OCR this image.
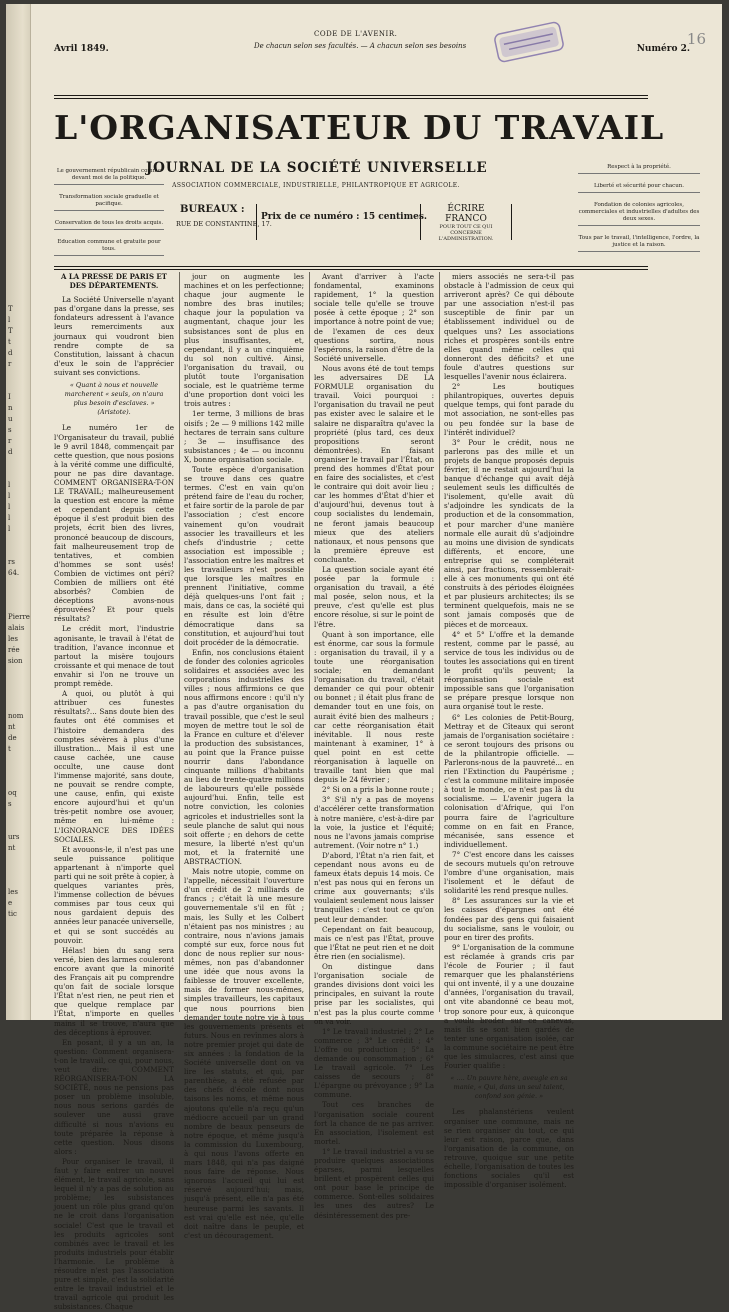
T
l
T
t
d
r

I
n
u
s
r
d

l
l
l
l
l

rs
64.

Pierre
alais
les
rée
sion

nom
nt
de
t

oq
s

urs
nt

les
e
tic
CODE DE L'AVENIR.
De chacun selon ses facultés. — A chacun selon ses besoins
Avril 1849.	Numéro 2.
16
L'ORGANISATEUR DU TRAVAIL
JOURNAL DE LA SOCIÉTÉ UNIVERSELLE
ASSOCIATION COMMERCIALE, INDUSTRIELLE, PHILANTROPIQUE ET AGRICOLE.
Le gouvernement républicain comme devant moi de la politique.
Transformation sociale graduelle et pacifique.
Conservation de tous les droits acquis.
Education commune et gratuite pour tous.
Respect à la propriété.
Liberté et sécurité pour chacun.
Fondation de colonies agricoles, commerciales et industrielles d'adultes des deux sexes.
Tous par le travail, l'intelligence, l'ordre, la justice et la raison.
BUREAUX :
RUE DE CONSTANTINE, 17.
Prix de ce numéro : 15 centimes.
ÉCRIRE FRANCO
POUR TOUT CE QUI CONCERNE L'ADMINISTRATION.

A LA PRESSE DE PARIS ET DES DÉPARTEMENTS.

La Société Universelle n'ayant pas d'organe dans la presse, ses fondateurs adressent à l'avance leurs remerciments aux journaux qui voudront bien rendre compte de sa Constitution, laissant à chacun d'eux le soin de l'apprécier suivant ses convictions.

« Quant à nous et nouvelle marcherent « seuls, on n'aura plus besoin d'esclaves. » (Aristote).

Le numéro 1er de l'Organisateur du travail, publié le 9 avril 1848, commençait par cette question, que nous posions à la vérité comme une difficulté, pour ne pas dire davantage. COMMENT ORGANISERA-T-ON LE TRAVAIL; malheureusement la question est encore la même et cependant depuis cette époque il s'est produit bien des projets, écrit bien des livres, prononcé beaucoup de discours, fait malheureusement trop de tentatives, et combien d'hommes se sont usés! Combien de victimes ont péri? Combien de milliers ont été absorbés? Combien de déceptions avons-nous éprouvées? Et pour quels résultats?

Le crédit mort, l'industrie agonisante, le travail à l'état de tradition, l'avance inconnue et partout la misère toujours croissante et qui menace de tout envahir si l'on ne trouve un prompt remède.

A quoi, ou plutôt à qui attribuer ces funestes résultats?... Sans doute bien des fautes ont été commises et l'histoire demandera des comptes sévères à plus d'une illustration... Mais il est une cause cachée, une cause occulte, une cause dont l'immense majorité, sans doute, ne pouvait se rendre compte, une cause, enfin, qui existe encore aujourd'hui et qu'un très-petit nombre ose avouer, même en lui-même : L'IGNORANCE DES IDÉES SOCIALES.

Et avouons-le, il n'est pas une seule puissance politique appartenant à n'importe quel parti qui ne soit prête à copier, à quelques variantes près, l'immense collection de bévues commises par tous ceux qui nous gardaient depuis des années leur panacée universelle, et qui se sont succédés au pouvoir.

Hélas! bien du sang sera versé, bien des larmes couleront encore avant que la minorité des Français ait pu comprendre qu'on fait de sociale lorsque l'État n'est rien, ne peut rien et que quelque remplace par l'État, n'importe en quelles mains il se trouve, n'aura que des déceptions à éprouver.

En posant, il y a un an, la question: Comment organisera-t-on le travail, ce qui, pour nous, veut dire: COMMENT RÉORGANISERA-T-ON LA SOCIÉTÉ, nous ne pensions pas poser un problème insoluble, nous nous serions gardés de soulever une aussi grave difficulté si nous n'avions eu toute préparée la réponse à cette question. Nous disons alors :

Pour organiser le travail, il faut y faire entrer un nouvel élément, le travail agricole, sans lequel il n'y a pas de solution au problème; les subsistances jouent un rôle plus grand qu'on ne le croit dans l'organisation sociale! C'est que le travail et les produits agricoles sont combinés avec le travail et les produits industriels pour établir l'harmonie. Le problème à résoudre n'est pas l'association pure et simple, c'est la solidarité entre le travail industriel et le travail agricole qui produit les subsistances. Chaque

jour on augmente les machines et on les perfectionne; chaque jour augmente le nombre des bras inutiles; chaque jour la population va augmentant, chaque jour les subsistances sont de plus en plus insuffisantes, et, cependant, il y a un cinquième du sol non cultivé. Ainsi, l'organisation du travail, ou plutôt toute l'organisation sociale, est le quatrième terme d'une proportion dont voici les trois autres :

1er terme, 3 millions de bras oisifs ; 2e — 9 millions 142 mille hectares de terrain sans culture ; 3e — insuffisance des subsistances ; 4e — ou inconnu X, bonne organisation sociale.

Toute espèce d'organisation se trouve dans ces quatre termes. C'est en vain qu'on prétend faire de l'eau du rocher, et faire sortir de la parole de par l'association ; c'est encore vainement qu'on voudrait associer les travailleurs et les chefs d'industrie ; cette association est impossible ; l'association entre les maîtres et les travailleurs n'est possible que lorsque les maîtres en prennent l'initiative, comme déjà quelques-uns l'ont fait ; mais, dans ce cas, la société qui en résulte est loin d'être démocratique dans sa constitution, et aujourd'hui tout doit procéder de la démocratie.

Enfin, nos conclusions étaient de fonder des colonies agricoles solidaires et associées avec les corporations industrielles des villes ; nous affirmions ce que nous affirmons encore : qu'il n'y a pas d'autre organisation du travail possible, que c'est le seul moyen de mettre tout le sol de la France en culture et d'élever la production des subsistances, au point que la France puisse nourrir dans l'abondance cinquante millions d'habitants au lieu de trente-quatre millions de laboureurs qu'elle possède aujourd'hui. Enfin, telle est notre conviction, les colonies agricoles et industrielles sont la seule planche de salut qui nous soit offerte ; en dehors de cette mesure, la liberté n'est qu'un mot, et la fraternité une ABSTRACTION.

Mais notre utopie, comme on l'appelle, nécessitait l'ouverture d'un crédit de 2 milliards de francs ; c'était là une mesure gouvernementale s'il en fût ; mais, les Sully et les Colbert n'étaient pas nos ministres ; au contraire, nous n'avions jamais compté sur eux, force nous fut donc de nous replier sur nous-mêmes, non pas d'abandonner une idée que nous avons la faiblesse de trouver excellente, mais de former nous-mêmes, simples travailleurs, les capitaux que nous pourrions bien demander toute notre vie à tous les gouvernements présents et futurs. Nous en revînmes alors à notre premier projet qui date de six années : la fondation de la Société universelle dont on va lire les statuts, et qui, par parenthèse, a été refusée par des chefs d'école dont nous taisons les noms, et même nous ajoutons qu'elle n'a reçu qu'un médiocre accueil par un grand nombre de beaux penseurs de notre époque, et même jusqu'à la commission du Luxembourg, à qui nous l'avons offerte en mars 1848, qui n'a pas daigné nous faire de réponse. Nous ignorons l'accueil qui lui est réservé aujourd'hui; mais, jusqu'à présent, elle n'a pas été heureuse parmi les savants. Il est vrai qu'elle est née, qu'elle doit naître dans le peuple, et c'est un découragement.

Avant d'arriver à l'acte fondamental, examinons rapidement, 1° la question sociale telle qu'elle se trouve posée à cette époque ; 2° son importance à notre point de vue; de l'examen de ces deux questions sortira, nous l'espérons, la raison d'être de la Société universelle.

Nous avons été de tout temps les adversaires DE LA FORMULE organisation du travail. Voici pourquoi : l'organisation du travail ne peut pas exister avec le salaire et le salaire ne disparaîtra qu'avec la propriété (plus tard, ces deux propositions seront démontrées). En faisant organiser le travail par l'État, on prend des hommes d'État pour en faire des socialistes, et c'est le contraire qui doit avoir lieu ; car les hommes d'État d'hier et d'aujourd'hui, devenus tout à coup socialistes du lendemain, ne feront jamais beaucoup mieux que des ateliers nationaux, et nous pensons que la première épreuve est concluante.

La question sociale ayant été posée par la formule : organisation du travail, a été mal posée, selon nous, et la preuve, c'est qu'elle est plus encore résolue, si sur le point de l'être.

Quant à son importance, elle est énorme, car sous la formule : organisation du travail, il y a toute une réorganisation sociale; en demandant l'organisation du travail, c'était demander ce qui pour obtenir ou bonnet ; il était plus franc de demander tout en une fois, on aurait évité bien des malheurs ; car cette réorganisation était inévitable. Il nous reste maintenant à examiner, 1° à quel point en est cette réorganisation à laquelle on travaille tant bien que mal depuis le 24 février ;

2° Si on a pris la bonne route ;

3° S'il n'y a pas de moyens d'accélérer cette transformation à notre manière, c'est-à-dire par la voie, la justice et l'équité; nous ne l'avons jamais comprise autrement. (Voir notre n° 1.)

D'abord, l'État n'a rien fait, et cependant nous avons eu de fameux états depuis 14 mois. Ce n'est pas nous qui en ferons un crime aux gouvernants; s'ils voulaient seulement nous laisser tranquilles : c'est tout ce qu'on peut leur demander.

Cependant on fait beaucoup, mais ce n'est pas l'État, prouve que l'État ne peut rien et ne doit être rien (en socialisme).

On distingue dans l'organisation sociale de grandes divisions dont voici les principales, en suivant la route prise par les socialistes, qui n'est pas la plus courte comme on va voir.

1° Le travail industriel ; 2° Le commerce ; 3° Le crédit ; 4° L'offre ou production ; 5° La demande ou consommation ; 6° Le travail agricole. 7° Les caisses de secours ; 8° L'épargne ou prévoyance ; 9° La commune.

Tout ces branches de l'organisation sociale courent fort la chance de ne pas arriver. En association, l'isolement est mortel.

1° Le travail industriel a vu se produire quelques associations éparses, parmi lesquelles brillent et prospèrent celles qui ont pour base le principe de commerce. Sont-elles solidaires les unes des autres? Le désintéressement des pre-

miers associés ne sera-t-il pas obstacle à l'admission de ceux qui arriveront après? Ce qui déboute par une association n'est-il pas susceptible de finir par un établissement individuel ou de quelques uns? Les associations riches et prospères sont-ils entre elles quand même celles qui donneront des déficits? et une foule d'autres questions sur lesquelles l'avenir nous éclairera.

2° Les boutiques philantropiques, ouvertes depuis quelque temps, qui font parade du mot association, ne sont-elles pas ou peu fondée sur la base de l'intérêt individuel?

3° Pour le crédit, nous ne parlerons pas des mille et un projets de banque proposés depuis février, il ne restait aujourd'hui la banque d'échange qui avait déjà seulement seuls les difficultés de l'isolement, qu'elle avait dû s'adjoindre les syndicats de la production et de la consommation, et pour marcher d'une manière normale elle aurait dû s'adjoindre au moins une division de syndicats différents, et encore, une entreprise qui se compléterait ainsi, par fractions, ressemblerait-elle à ces monuments qui ont été construits à des périodes éloignées et par plusieurs architectes; ils se terminent quelquefois, mais ne se sont jamais composés que de pièces et de morceaux.

4° et 5° L'offre et la demande restent, comme par le passé, au service de tous les individus ou de toutes les associations qui en tirent le profit qu'ils peuvent; la réorganisation sociale est impossible sans que l'organisation se prépare presque lorsque non aura organisé tout le reste.

6° Les colonies de Petit-Bourg, Mettray et de Cîteaux qui seront jamais de l'organisation sociétaire : ce seront toujours des prisons ou de la philantropie officielle. — Parlerons-nous de la pauvreté... en rien l'Extinction du Paupérisme ; c'est la commune militaire imposée à tout le monde, ce n'est pas là du socialisme. — L'avenir jugera la colonisation d'Afrique, qui l'on pourra faire de l'agriculture comme on en fait en France, mécanisée, sans essence et individuellement.

7° C'est encore dans les caisses de secours mutuels qu'on retrouve l'ombre d'une organisation, mais l'isolement et le défaut de solidarité les rend presque nulles.

8° Les assurances sur la vie et les caisses d'épargnes ont été fondées par des gens qui faisaient du socialisme, sans le vouloir, ou pour en tirer des profits.

9° L'organisation de la commune est réclamée à grands cris par l'école de Fourier ; il faut remarquer que les phalanstériens qui ont inventé, il y a une douzaine d'années, l'organisation du travail, ont vite abandonné ce beau mot, trop sonore pour eux, à quiconque a voulu broder sur ce canevas, mais ils se sont bien gardés de tenter une organisation isolée, car la commune sociétaire ne peut être que les simulacres, c'est ainsi que Fourier qualifie :

« .... Un pauvre hère, aveugle en sa manie, « Qui, dans un seul talent, confond son génie. »

Les phalanstériens veulent organiser une commune, mais ne se rien organiser du tout, ce qui leur est raison, parce que, dans l'organisation de la commune, on retrouve, quoique sur une petite échelle, l'organisation de toutes les fonctions sociales qu'il est impossible d'organiser isolément.
